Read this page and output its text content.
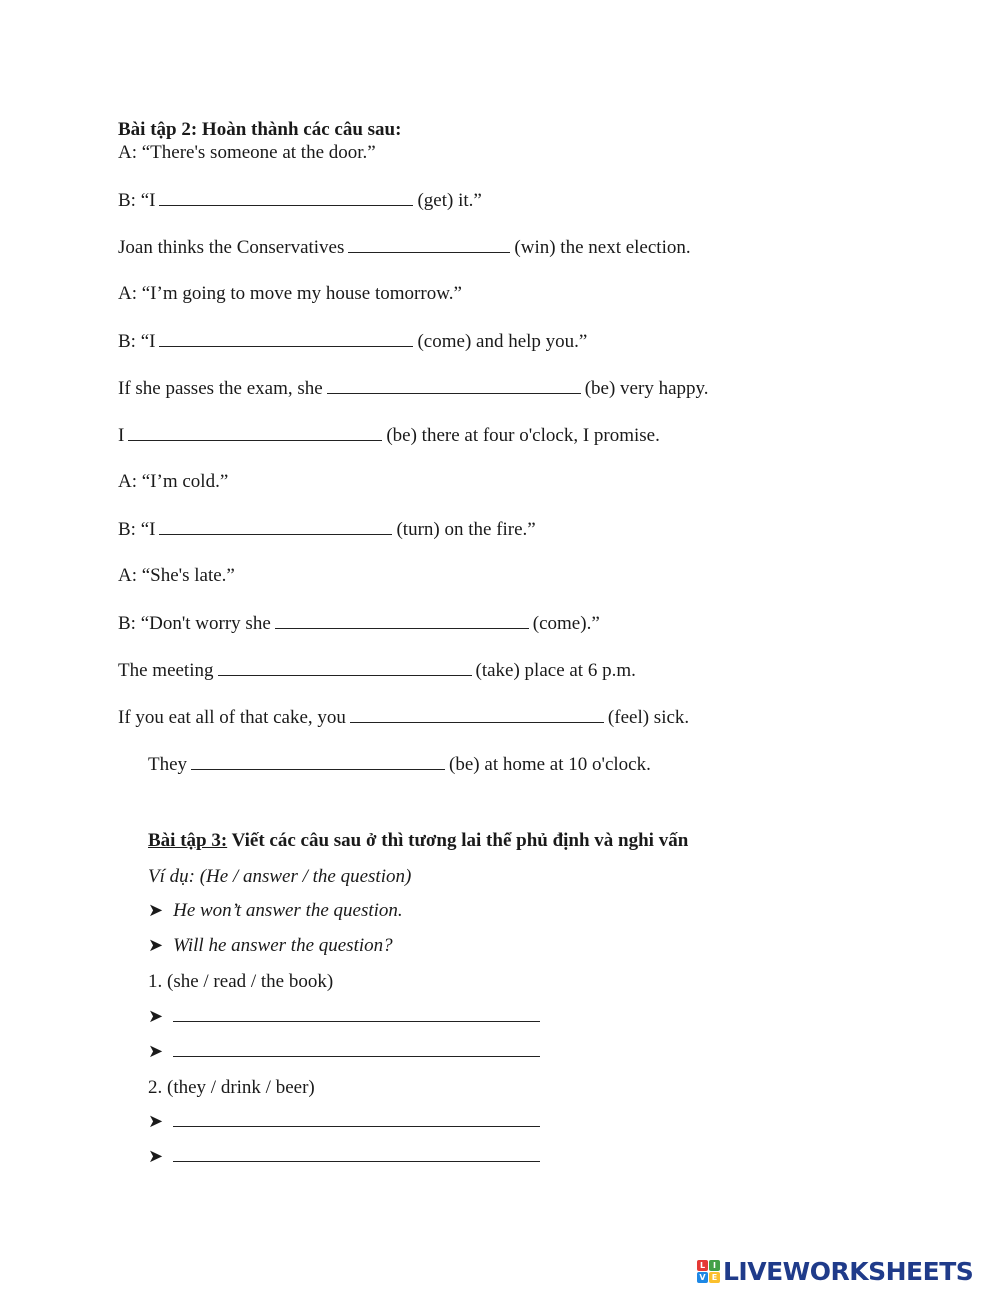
Bài tập 2: Hoàn thành các câu sau:
A: “There's someone at the door.”
B: “I	(get) it.”
Joan thinks the Conservatives	(win) the next election.
A: “I’m going to move my house tomorrow.”
B: “I	(come) and help you.”
If she passes the exam, she	(be) very happy.
I	(be) there at four o'clock, I promise.
A: “I’m cold.”
B: “I	(turn) on the fire.”
A: “She's late.”
B: “Don't worry she	(come).”
The meeting	(take) place at 6 p.m.
If you eat all of that cake, you	(feel) sick.
They	(be) at home at 10 o'clock.
Bài tập 3: Viết các câu sau ở thì tương lai thể phủ định và nghi vấn
Ví dụ: (He / answer / the question)
➤ He won’t answer the question.
➤ Will he answer the question?
1. (she / read / the book)
➤
➤
2. (they / drink / beer)
➤
➤
L I
V E LIVEWORKSHEETS
